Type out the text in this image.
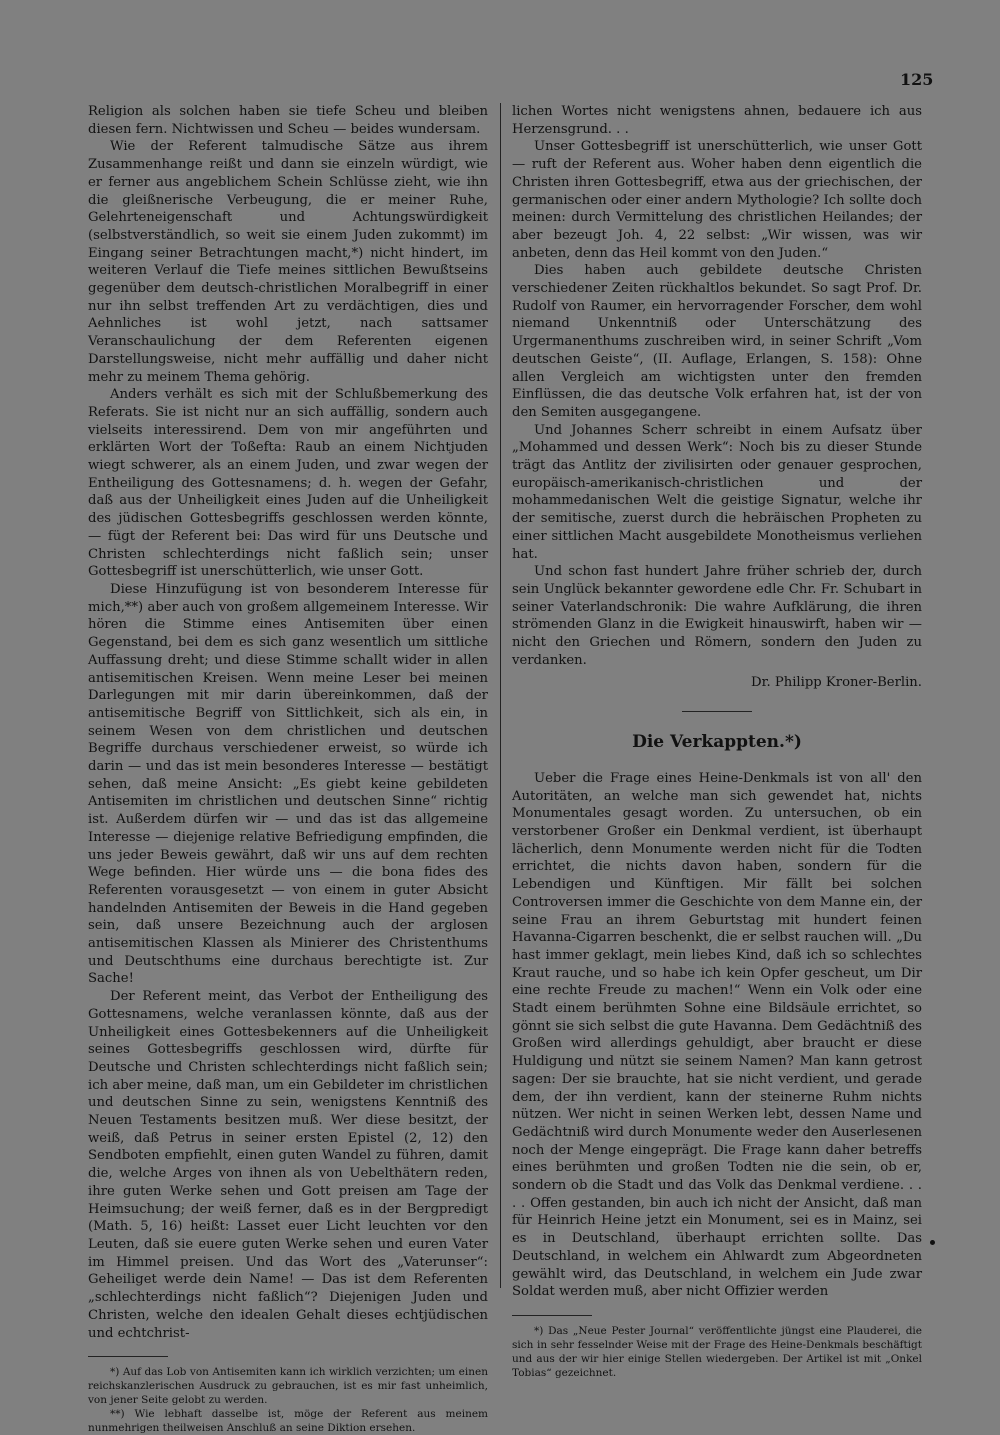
125

Religion als solchen haben sie tiefe Scheu und bleiben diesen fern. Nichtwissen und Scheu — beides wundersam.

Wie der Referent talmudische Sätze aus ihrem Zusammenhange reißt und dann sie einzeln würdigt, wie er ferner aus angeblichem Schein Schlüsse zieht, wie ihn die gleißnerische Verbeugung, die er meiner Ruhe, Gelehrteneigenschaft und Achtungswürdigkeit (selbstverständlich, so weit sie einem Juden zukommt) im Eingang seiner Betrachtungen macht,*) nicht hindert, im weiteren Verlauf die Tiefe meines sittlichen Bewußtseins gegenüber dem deutsch-christlichen Moralbegriff in einer nur ihn selbst treffenden Art zu verdächtigen, dies und Aehnliches ist wohl jetzt, nach sattsamer Veranschaulichung der dem Referenten eigenen Darstellungsweise, nicht mehr auffällig und daher nicht mehr zu meinem Thema gehörig.

Anders verhält es sich mit der Schlußbemerkung des Referats. Sie ist nicht nur an sich auffällig, sondern auch vielseits interessirend. Dem von mir angeführten und erklärten Wort der Toßefta: Raub an einem Nichtjuden wiegt schwerer, als an einem Juden, und zwar wegen der Entheiligung des Gottesnamens; d. h. wegen der Gefahr, daß aus der Unheiligkeit eines Juden auf die Unheiligkeit des jüdischen Gottesbegriffs geschlossen werden könnte, — fügt der Referent bei: Das wird für uns Deutsche und Christen schlechterdings nicht faßlich sein; unser Gottesbegriff ist unerschütterlich, wie unser Gott.

Diese Hinzufügung ist von besonderem Interesse für mich,**) aber auch von großem allgemeinem Interesse. Wir hören die Stimme eines Antisemiten über einen Gegenstand, bei dem es sich ganz wesentlich um sittliche Auffassung dreht; und diese Stimme schallt wider in allen antisemitischen Kreisen. Wenn meine Leser bei meinen Darlegungen mit mir darin übereinkommen, daß der antisemitische Begriff von Sittlichkeit, sich als ein, in seinem Wesen von dem christlichen und deutschen Begriffe durchaus verschiedener erweist, so würde ich darin — und das ist mein besonderes Interesse — bestätigt sehen, daß meine Ansicht: „Es giebt keine gebildeten Antisemiten im christlichen und deutschen Sinne“ richtig ist. Außerdem dürfen wir — und das ist das allgemeine Interesse — diejenige relative Befriedigung empfinden, die uns jeder Beweis gewährt, daß wir uns auf dem rechten Wege befinden. Hier würde uns — die bona fides des Referenten vorausgesetzt — von einem in guter Absicht handelnden Antisemiten der Beweis in die Hand gegeben sein, daß unsere Bezeichnung auch der arglosen antisemitischen Klassen als Minierer des Christenthums und Deutschthums eine durchaus berechtigte ist. Zur Sache!

Der Referent meint, das Verbot der Entheiligung des Gottesnamens, welche veranlassen könnte, daß aus der Unheiligkeit eines Gottesbekenners auf die Unheiligkeit seines Gottesbegriffs geschlossen wird, dürfte für Deutsche und Christen schlechterdings nicht faßlich sein; ich aber meine, daß man, um ein Gebildeter im christlichen und deutschen Sinne zu sein, wenigstens Kenntniß des Neuen Testaments besitzen muß. Wer diese besitzt, der weiß, daß Petrus in seiner ersten Epistel (2, 12) den Sendboten empfiehlt, einen guten Wandel zu führen, damit die, welche Arges von ihnen als von Uebelthätern reden, ihre guten Werke sehen und Gott preisen am Tage der Heimsuchung; der weiß ferner, daß es in der Bergpredigt (Math. 5, 16) heißt: Lasset euer Licht leuchten vor den Leuten, daß sie euere guten Werke sehen und euren Vater im Himmel preisen. Und das Wort des „Vaterunser“: Geheiliget werde dein Name! — Das ist dem Referenten „schlechterdings nicht faßlich“? Diejenigen Juden und Christen, welche den idealen Gehalt dieses echtjüdischen und echtchrist-

*) Auf das Lob von Antisemiten kann ich wirklich verzichten; um einen reichskanzlerischen Ausdruck zu gebrauchen, ist es mir fast unheimlich, von jener Seite gelobt zu werden.

**) Wie lebhaft dasselbe ist, möge der Referent aus meinem nunmehrigen theilweisen Anschluß an seine Diktion ersehen.

lichen Wortes nicht wenigstens ahnen, bedauere ich aus Herzensgrund. . .

Unser Gottesbegriff ist unerschütterlich, wie unser Gott — ruft der Referent aus. Woher haben denn eigentlich die Christen ihren Gottesbegriff, etwa aus der griechischen, der germanischen oder einer andern Mythologie? Ich sollte doch meinen: durch Vermittelung des christlichen Heilandes; der aber bezeugt Joh. 4, 22 selbst: „Wir wissen, was wir anbeten, denn das Heil kommt von den Juden.“

Dies haben auch gebildete deutsche Christen verschiedener Zeiten rückhaltlos bekundet. So sagt Prof. Dr. Rudolf von Raumer, ein hervorragender Forscher, dem wohl niemand Unkenntniß oder Unterschätzung des Urgermanenthums zuschreiben wird, in seiner Schrift „Vom deutschen Geiste“, (II. Auflage, Erlangen, S. 158): Ohne allen Vergleich am wichtigsten unter den fremden Einflüssen, die das deutsche Volk erfahren hat, ist der von den Semiten ausgegangene.

Und Johannes Scherr schreibt in einem Aufsatz über „Mohammed und dessen Werk“: Noch bis zu dieser Stunde trägt das Antlitz der zivilisirten oder genauer gesprochen, europäisch-amerikanisch-christlichen und der mohammedanischen Welt die geistige Signatur, welche ihr der semitische, zuerst durch die hebräischen Propheten zu einer sittlichen Macht ausgebildete Monotheismus verliehen hat.

Und schon fast hundert Jahre früher schrieb der, durch sein Unglück bekannter gewordene edle Chr. Fr. Schubart in seiner Vaterlandschronik: Die wahre Aufklärung, die ihren strömenden Glanz in die Ewigkeit hinauswirft, haben wir — nicht den Griechen und Römern, sondern den Juden zu verdanken.

Dr. Philipp Kroner-Berlin.
Die Verkappten.*)

Ueber die Frage eines Heine-Denkmals ist von all' den Autoritäten, an welche man sich gewendet hat, nichts Monumentales gesagt worden. Zu untersuchen, ob ein verstorbener Großer ein Denkmal verdient, ist überhaupt lächerlich, denn Monumente werden nicht für die Todten errichtet, die nichts davon haben, sondern für die Lebendigen und Künftigen. Mir fällt bei solchen Controversen immer die Geschichte von dem Manne ein, der seine Frau an ihrem Geburtstag mit hundert feinen Havanna-Cigarren beschenkt, die er selbst rauchen will. „Du hast immer geklagt, mein liebes Kind, daß ich so schlechtes Kraut rauche, und so habe ich kein Opfer gescheut, um Dir eine rechte Freude zu machen!“ Wenn ein Volk oder eine Stadt einem berühmten Sohne eine Bildsäule errichtet, so gönnt sie sich selbst die gute Havanna. Dem Gedächtniß des Großen wird allerdings gehuldigt, aber braucht er diese Huldigung und nützt sie seinem Namen? Man kann getrost sagen: Der sie brauchte, hat sie nicht verdient, und gerade dem, der ihn verdient, kann der steinerne Ruhm nichts nützen. Wer nicht in seinen Werken lebt, dessen Name und Gedächtniß wird durch Monumente weder den Auserlesenen noch der Menge eingeprägt. Die Frage kann daher betreffs eines berühmten und großen Todten nie die sein, ob er, sondern ob die Stadt und das Volk das Denkmal verdiene. . . . . Offen gestanden, bin auch ich nicht der Ansicht, daß man für Heinrich Heine jetzt ein Monument, sei es in Mainz, sei es in Deutschland, überhaupt errichten sollte. Das Deutschland, in welchem ein Ahlwardt zum Abgeordneten gewählt wird, das Deutschland, in welchem ein Jude zwar Soldat werden muß, aber nicht Offizier werden

*) Das „Neue Pester Journal“ veröffentlichte jüngst eine Plauderei, die sich in sehr fesselnder Weise mit der Frage des Heine-Denkmals beschäftigt und aus der wir hier einige Stellen wiedergeben. Der Artikel ist mit „Onkel Tobias“ gezeichnet.
